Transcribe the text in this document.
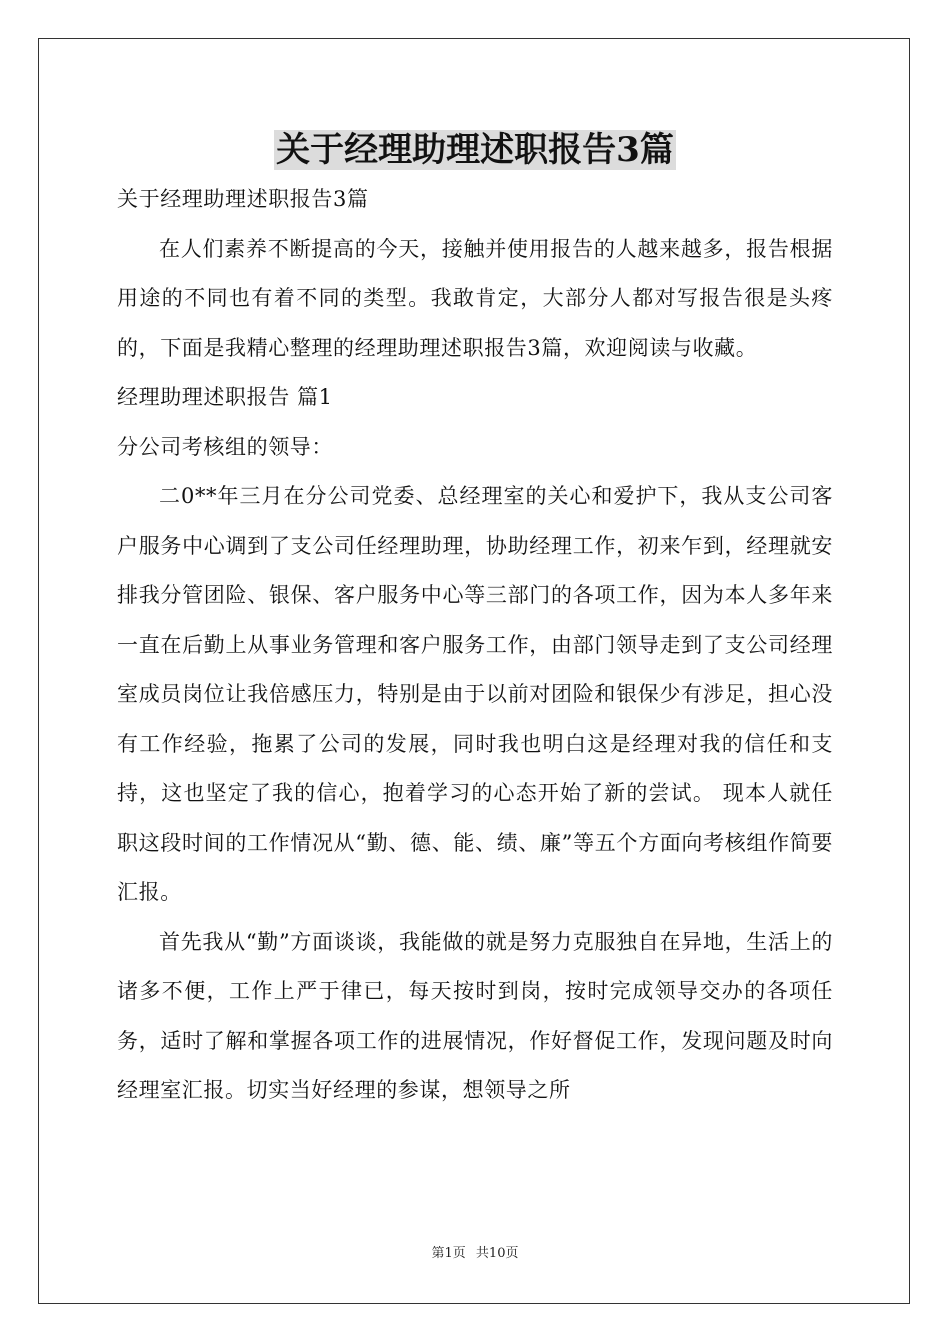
关于经理助理述职报告3篇

关于经理助理述职报告3篇

在人们素养不断提高的今天，接触并使用报告的人越来越多，报告根据用途的不同也有着不同的类型。我敢肯定，大部分人都对写报告很是头疼的，下面是我精心整理的经理助理述职报告3篇，欢迎阅读与收藏。

经理助理述职报告 篇1

分公司考核组的领导：

二0**年三月在分公司党委、总经理室的关心和爱护下，我从支公司客户服务中心调到了支公司任经理助理，协助经理工作，初来乍到，经理就安排我分管团险、银保、客户服务中心等三部门的各项工作，因为本人多年来一直在后勤上从事业务管理和客户服务工作，由部门领导走到了支公司经理室成员岗位让我倍感压力，特别是由于以前对团险和银保少有涉足，担心没有工作经验，拖累了公司的发展，同时我也明白这是经理对我的信任和支持，这也坚定了我的信心，抱着学习的心态开始了新的尝试。 现本人就任职这段时间的工作情况从“勤、德、能、绩、廉”等五个方面向考核组作简要汇报。

首先我从“勤”方面谈谈，我能做的就是努力克服独自在异地，生活上的诸多不便，工作上严于律已，每天按时到岗，按时完成领导交办的各项任务，适时了解和掌握各项工作的进展情况，作好督促工作，发现问题及时向经理室汇报。切实当好经理的参谋，想领导之所

第1页 共10页
